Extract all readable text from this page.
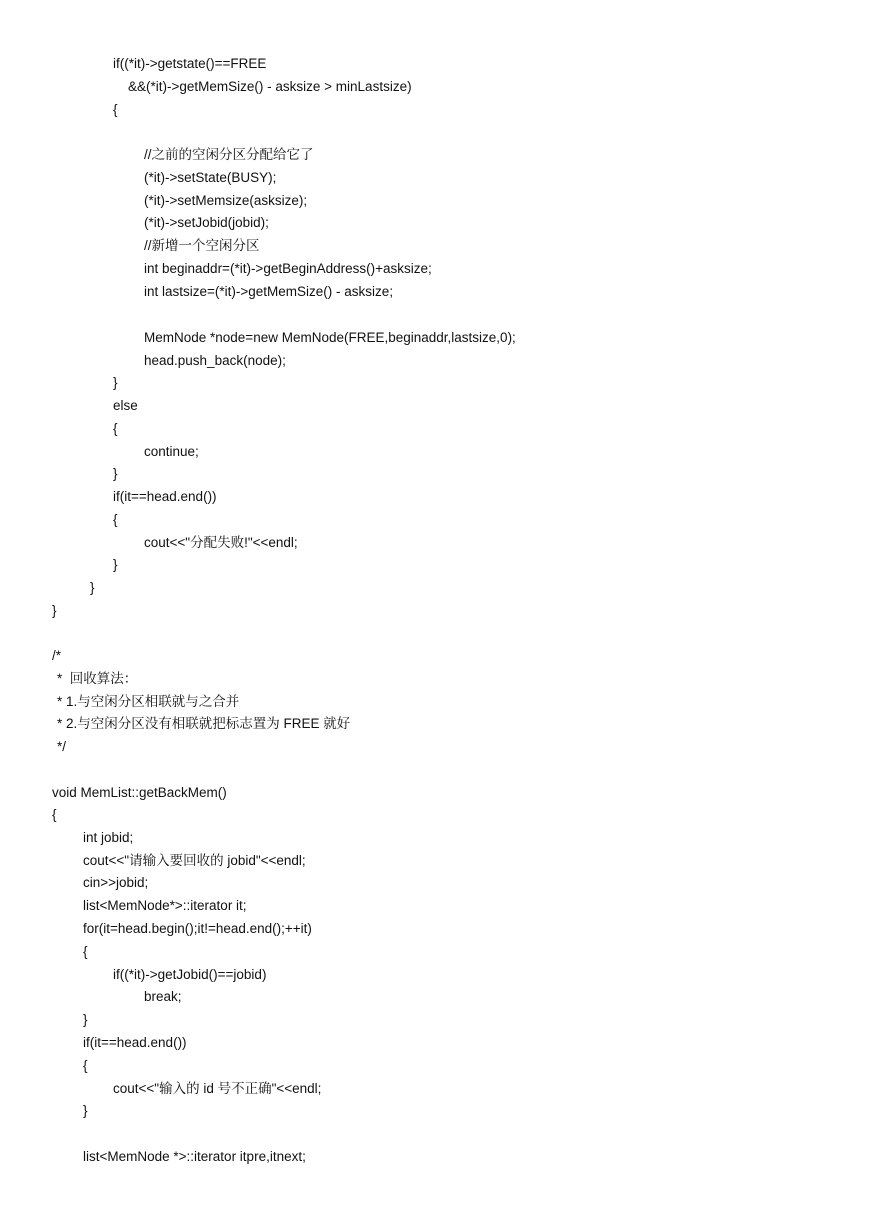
if((*it)->getstate()==FREE
&&(*it)->getMemSize() - asksize > minLastsize)
{
//之前的空闲分区分配给它了
(*it)->setState(BUSY);
(*it)->setMemsize(asksize);
(*it)->setJobid(jobid);
//新增一个空闲分区
int beginaddr=(*it)->getBeginAddress()+asksize;
int lastsize=(*it)->getMemSize() - asksize;
MemNode *node=new MemNode(FREE,beginaddr,lastsize,0);
head.push_back(node);
}
else
{
continue;
}
if(it==head.end())
{
cout<<"分配失败!"<<endl;
}
}
}
/*
*  回收算法：
* 1.与空闲分区相联就与之合并
* 2.与空闲分区没有相联就把标志置为 FREE 就好
*/
void MemList::getBackMem()
{
int jobid;
cout<<"请输入要回收的 jobid"<<endl;
cin>>jobid;
list<MemNode*>::iterator it;
for(it=head.begin();it!=head.end();++it)
{
if((*it)->getJobid()==jobid)
break;
}
if(it==head.end())
{
cout<<"输入的 id 号不正确"<<endl;
}
list<MemNode *>::iterator itpre,itnext;
